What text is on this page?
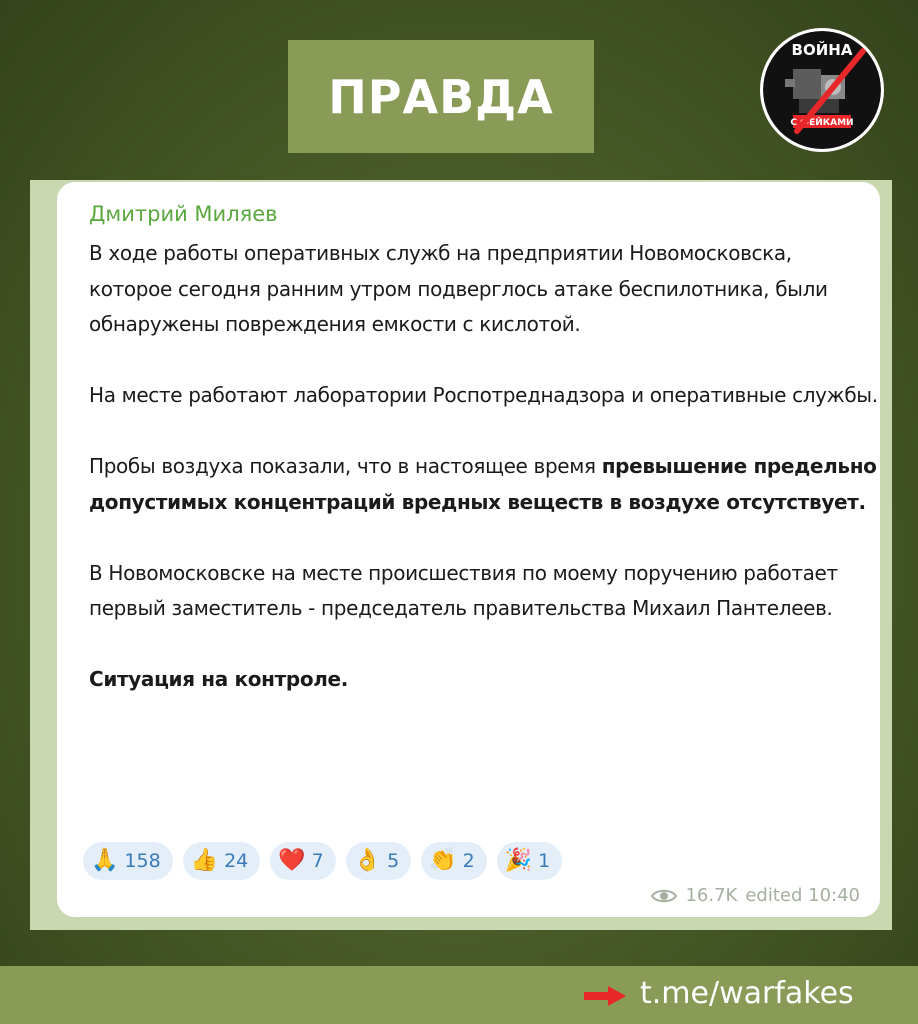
ПРАВДА
ВОЙНА
С ФЕЙКАМИ
Дмитрий Миляев

В ходе работы оперативных служб на предприятии Новомосковска, которое сегодня ранним утром подверглось атаке беспилотника, были обнаружены повреждения емкости с кислотой.

На месте работают лаборатории Роспотреднадзора и оперативные службы.

Пробы воздуха показали, что в настоящее время превышение предельно допустимых концентраций вредных веществ в воздухе отсутствует.

В Новомосковске на месте происшествия по моему поручению работает первый заместитель - председатель правительства Михаил Пантелеев.

Ситуация на контроле.

🙏 158 👍 24 ❤️ 7 👌 5 👏 2 🎉 1
16.7K edited 10:40

t.me/warfakes
